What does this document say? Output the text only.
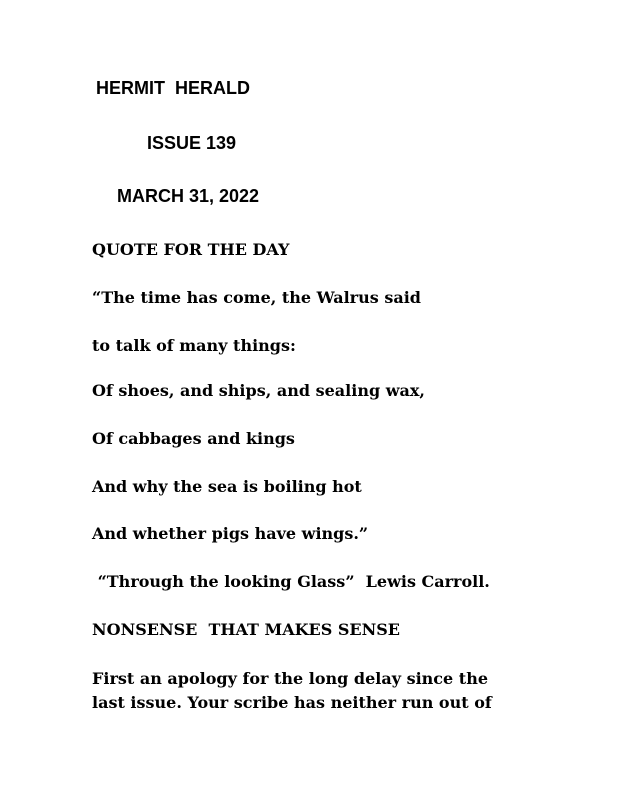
HERMIT  HERALD
ISSUE 139
MARCH 31, 2022
QUOTE FOR THE DAY
“The time has come, the Walrus said
to talk of many things:
Of shoes, and ships, and sealing wax,
Of cabbages and kings
And why the sea is boiling hot
And whether pigs have wings.”
“Through the looking Glass”  Lewis Carroll.
NONSENSE  THAT MAKES SENSE
First an apology for the long delay since the
last issue. Your scribe has neither run out of
